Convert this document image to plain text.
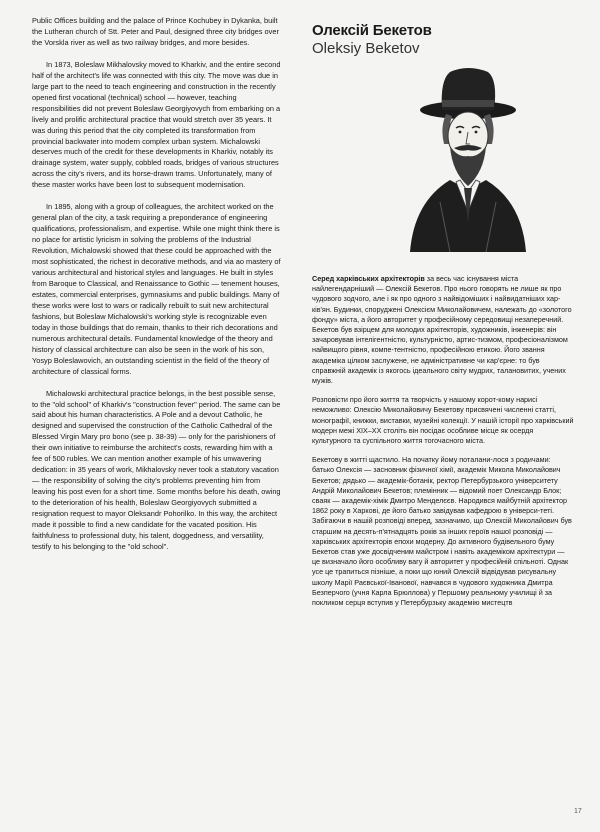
Public Offices building and the palace of Prince Kochubey in Dykanka, built the Lutheran church of Stt. Peter and Paul, designed three city bridges over the Vorskla river as well as two railway bridges, and more besides.

In 1873, Boleslaw Mikhalovsky moved to Kharkiv, and the entire second half of the architect's life was connected with this city. The move was due in large part to the need to teach engineering and construction in the recently opened first vocational (technical) school — however, teaching responsibilities did not prevent Boleslaw Georgiyovych from embarking on a lively and prolific architectural practice that would stretch over 35 years. It was during this period that the city completed its transformation from provincial backwater into modern complex urban system. Michalowski deserves much of the credit for these developments in Kharkiv, notably its drainage system, water supply, cobbled roads, bridges of various structures across the city's rivers, and its horse-drawn trams. Unfortunately, many of these master works have been lost to subsequent modernisation.

In 1895, along with a group of colleagues, the architect worked on the general plan of the city, a task requiring a preponderance of engineering qualifications, professionalism, and expertise. While one might think there is no place for artistic lyricism in solving the problems of the Industrial Revolution, Michalowski showed that these could be approached with the most sophisticated, the richest in decorative methods, and via ao mastery of various architectural and historical styles and languages. He built in styles from Baroque to Classical, and Renaissance to Gothic — tenement houses, estates, commercial enterprises, gymnasiums and public buildings. Many of these works were lost to wars or radically rebuilt to suit new architectural fashions, but Boleslaw Michalowski's working style is recognizable even today in those buildings that do remain, thanks to their rich decorations and numerous architectural details. Fundamental knowledge of the theory and history of classical architecture can also be seen in the work of his son, Yosyp Boleslawovich, an outstanding scientist in the field of the theory of architecture of classical forms.

Michalowski architectural practice belongs, in the best possible sense, to the "old school" of Kharkiv's "construction fever" period. The same can be said about his human characteristics. A Pole and a devout Catholic, he designed and supervised the construction of the Catholic Cathedral of the Blessed Virgin Mary pro bono (see p. 38-39) — only for the parishioners of their own initiative to reimburse the architect's costs, rewarding him with a fee of 500 rubles. We can mention another example of his unwavering dedication: in 35 years of work, Mikhalovsky never took a statutory vacation — the responsibility of solving the city's problems preventing him from leaving his post even for a short time. Some months before his death, owing to the deterioration of his health, Boleslaw Georgiyovych submitted a resignation request to mayor Oleksandr Pohorilko. In this way, the architect made it possible to find a new candidate for the vacated position. His faithfulness to professional duty, his talent, doggedness, and versatility, testify to his belonging to the "old school".

Олексій Бекетов
Oleksiy Beketov

Серед харківських архітекторів за весь час існування міста найлегендарніший — Олексій Бекетов. Про нього говорять не лише як про чудового зодчого, але і як про одного з найвідоміших і найвидатніших хар-ків'ян. Будинки, споруджені Олексієм Миколайовичем, належать до «золотого фонду» міста, а його авторитет у професійному середовищі незаперечний. Бекетов був взірцем для молодих архітекторів, художників, інженерів: він зачаровував інтелігентністю, культурністю, артис-тизмом, професіоналізмом найвищого рівня, компе-тентністю, професійною етикою. Його звання академіка цілком заслужене, не адміністративне чи кар'єрне: то був справжній академік із якогось ідеального світу мудрих, талановитих, учених мужів.

Розповісти про його життя та творчість у нашому корот-кому нарисі неможливо: Олексію Миколайовичу Бекетову присвячені численні статті, монографії, книжки, виставки, музейні колекції. У нашій історії про харківський модерн межі XIX–XX століть він посідає особливе місце як осердя культурного та суспільного життя тогочасного міста.

Бекетову в житті щастило. На початку йому поталани-лося з родичами: батько Олексія — засновник фізичної хімії, академік Микола Миколайович Бекетов; дядько — академік-ботанік, ректор Петербурзького університету Андрій Миколайович Бекетов; племінник — відомий поет Олександр Блок; сваяк — академік-хімік Дмитро Менделєєв. Народився майбутній архітектор 1862 року в Харкові, де його батько завідував кафедрою в універси-теті. Забігаючи в нашій розповіді вперед, зазначимо, що Олексій Миколайович був старшим на десять-п'ятнадцять років за інших героїв нашої розповіді — харківських архітекторів епохи модерну. До активного будівельного буму Бекетов став уже досвідченим майстром і навіть академіком архітектури — це визначало його особливу вагу й авторитет у професійній спільноті. Однак усе це трапиться пізніше, а поки що юний Олексій відвідував рисувальну школу Марії Раєвської-Іванової, навчався в чудового художника Дмитра Безперчого (учня Карла Брюллова) у Першому реальному училищі й за покликом серця вступив у Петербурзьку академію мистецтв

17
